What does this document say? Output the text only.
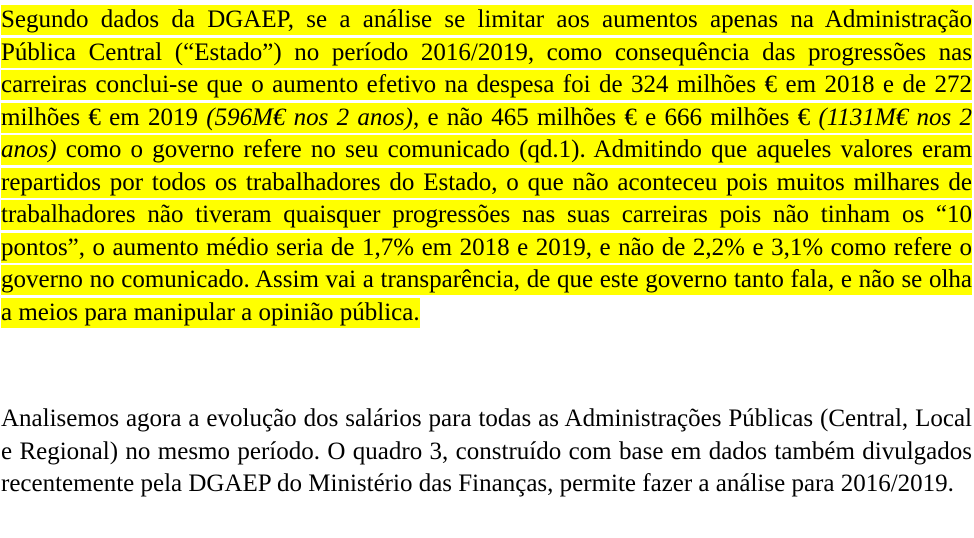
Segundo dados da DGAEP, se a análise se limitar aos aumentos apenas na Administração Pública Central (“Estado”) no período 2016/2019, como consequência das progressões nas carreiras conclui-se que o aumento efetivo na despesa foi de 324 milhões € em 2018 e de 272 milhões € em 2019 (596M€ nos 2 anos), e não 465 milhões € e 666 milhões € (1131M€ nos 2 anos) como o governo refere no seu comunicado (qd.1). Admitindo que aqueles valores eram repartidos por todos os trabalhadores do Estado, o que não aconteceu pois muitos milhares de trabalhadores não tiveram quaisquer progressões nas suas carreiras pois não tinham os “10 pontos”, o aumento médio seria de 1,7% em 2018 e 2019, e não de 2,2% e 3,1% como refere o governo no comunicado. Assim vai a transparência, de que este governo tanto fala, e não se olha a meios para manipular a opinião pública.

Analisemos agora a evolução dos salários para todas as Administrações Públicas (Central, Local e Regional) no mesmo período. O quadro 3, construído com base em dados também divulgados recentemente pela DGAEP do Ministério das Finanças, permite fazer a análise para 2016/2019.
